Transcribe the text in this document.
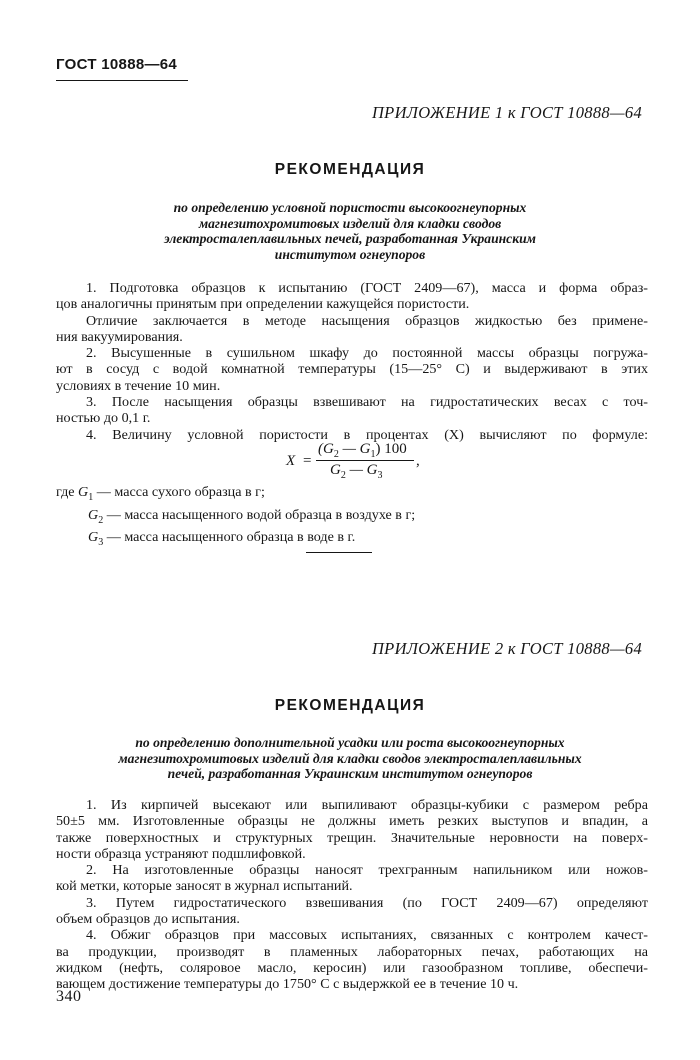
ГОСТ 10888—64
ПРИЛОЖЕНИЕ 1 к ГОСТ 10888—64
РЕКОМЕНДАЦИЯ
по определению условной пористости высокоогнеупорных
магнезитохромитовых изделий для кладки сводов
электросталеплавильных печей, разработанная Украинским
институтом огнеупоров
1. Подготовка образцов к испытанию (ГОСТ 2409—67), масса и форма образ-
цов аналогичны принятым при определении кажущейся пористости.
Отличие заключается в методе насыщения образцов жидкостью без примене-
ния вакуумирования.
2. Высушенные в сушильном шкафу до постоянной массы образцы погружа-
ют в сосуд с водой комнатной температуры (15—25° С) и выдерживают в этих
условиях в течение 10 мин.
3. После насыщения образцы взвешивают на гидростатических весах с точ-
ностью до 0,1 г.
4. Величину условной пористости в процентах (X) вычисляют по формуле:
X =
($G_2$ — $G_1$) 100
$G_2$ — $G_3$
,
где $G_1$ — масса сухого образца в г;
$G_2$ — масса насыщенного водой образца в воздухе в г;
$G_3$ — масса насыщенного образца в воде в г.
ПРИЛОЖЕНИЕ 2 к ГОСТ 10888—64
РЕКОМЕНДАЦИЯ
по определению дополнительной усадки или роста высокоогнеупорных
магнезитохромитовых изделий для кладки сводов электросталеплавильных
печей, разработанная Украинским институтом огнеупоров
1. Из кирпичей высекают или выпиливают образцы-кубики с размером ребра
50±5 мм. Изготовленные образцы не должны иметь резких выступов и впадин, а
также поверхностных и структурных трещин. Значительные неровности на поверх-
ности образца устраняют подшлифовкой.
2. На изготовленные образцы наносят трехгранным напильником или ножов-
кой метки, которые заносят в журнал испытаний.
3. Путем гидростатического взвешивания (по ГОСТ 2409—67) определяют
объем образцов до испытания.
4. Обжиг образцов при массовых испытаниях, связанных с контролем качест-
ва продукции, производят в пламенных лабораторных печах, работающих на
жидком (нефть, соляровое масло, керосин) или газообразном топливе, обеспечи-
вающем достижение температуры до 1750° С с выдержкой ее в течение 10 ч.
340
